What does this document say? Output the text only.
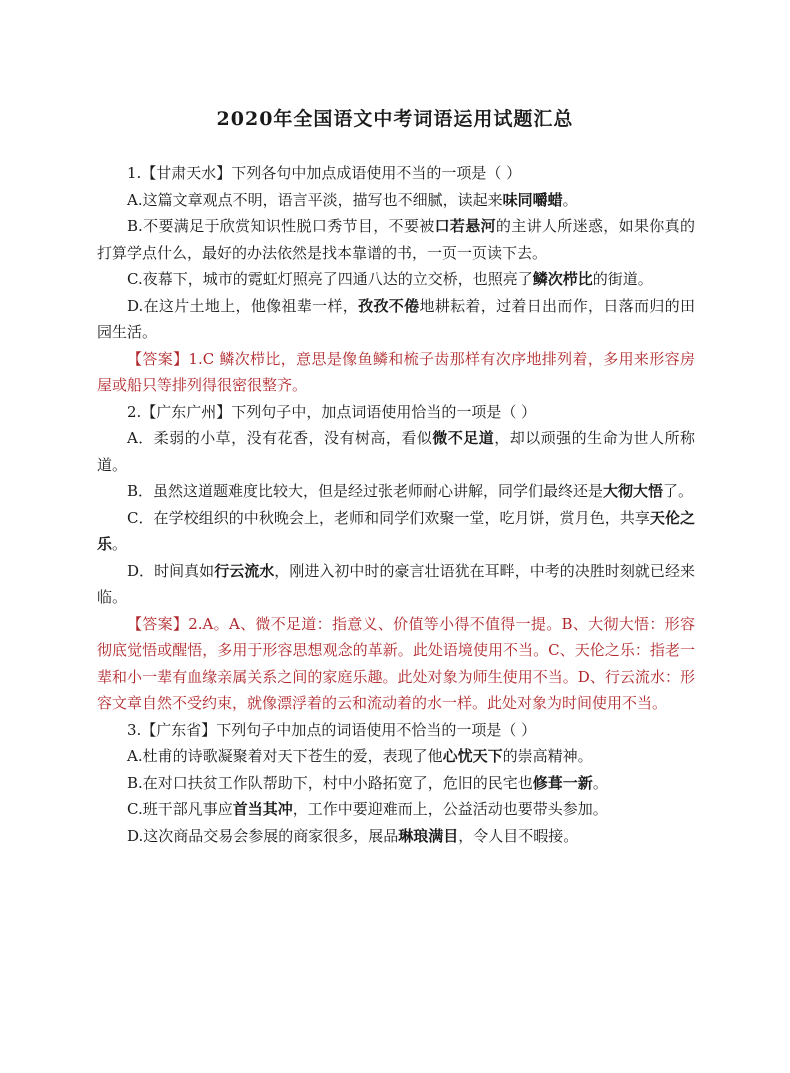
2020年全国语文中考词语运用试题汇总

1.【甘肃天水】下列各句中加点成语使用不当的一项是（ ）

A.这篇文章观点不明，语言平淡，描写也不细腻，读起来味同嚼蜡。

B.不要满足于欣赏知识性脱口秀节目，不要被口若悬河的主讲人所迷惑，如果你真的打算学点什么，最好的办法依然是找本靠谱的书，一页一页读下去。

C.夜幕下，城市的霓虹灯照亮了四通八达的立交桥，也照亮了鳞次栉比的街道。

D.在这片土地上，他像祖辈一样，孜孜不倦地耕耘着，过着日出而作，日落而归的田园生活。

【答案】1.C 鳞次栉比，意思是像鱼鳞和梳子齿那样有次序地排列着，多用来形容房屋或船只等排列得很密很整齐。

2.【广东广州】下列句子中，加点词语使用恰当的一项是（ ）

A．柔弱的小草，没有花香，没有树高，看似微不足道，却以顽强的生命为世人所称道。

B．虽然这道题难度比较大，但是经过张老师耐心讲解，同学们最终还是大彻大悟了。

C．在学校组织的中秋晚会上，老师和同学们欢聚一堂，吃月饼，赏月色，共享天伦之乐。

D．时间真如行云流水，刚进入初中时的豪言壮语犹在耳畔，中考的决胜时刻就已经来临。

【答案】2.A。A、微不足道：指意义、价值等小得不值得一提。B、大彻大悟：形容彻底觉悟或醒悟，多用于形容思想观念的革新。此处语境使用不当。C、天伦之乐：指老一辈和小一辈有血缘亲属关系之间的家庭乐趣。此处对象为师生使用不当。D、行云流水：形容文章自然不受约束，就像漂浮着的云和流动着的水一样。此处对象为时间使用不当。

3.【广东省】下列句子中加点的词语使用不恰当的一项是（ ）

A.杜甫的诗歌凝聚着对天下苍生的爱，表现了他心忧天下的崇高精神。

B.在对口扶贫工作队帮助下，村中小路拓宽了，危旧的民宅也修葺一新。

C.班干部凡事应首当其冲，工作中要迎难而上，公益活动也要带头参加。

D.这次商品交易会参展的商家很多，展品琳琅满目，令人目不暇接。
